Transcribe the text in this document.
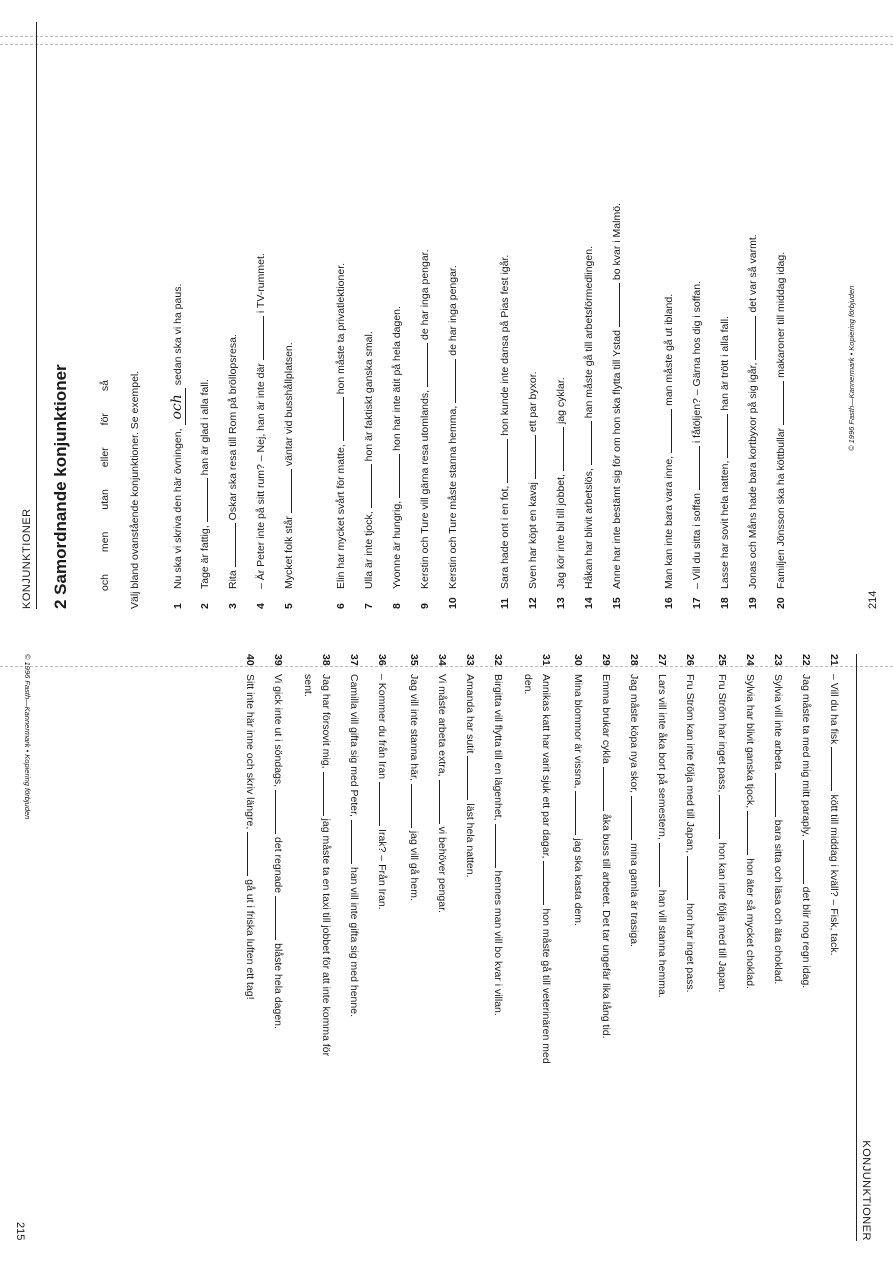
KONJUNKTIONER 2 Samordnande konjunktioner	ochmenutanellerförså Välj bland ovanstående konjunktioner. Se exempel.	1Nu ska vi skriva den här övningen,ochsedan ska vi ha paus.
2Tage är fattig,han är glad i alla fall.
3RitaOskar ska resa till Rom på bröllopsresa.
4– Är Peter inte på sitt rum? – Nej, han är inte däri TV-rummet.
5Mycket folk stårväntar vid busshållplatsen.
6Elin har mycket svårt för matte,hon måste ta privatlektioner.
7Ulla är inte tjock,hon är faktiskt ganska smal.
8Yvonne är hungrig,hon har inte ätit på hela dagen.
9Kerstin och Ture vill gärna resa utomlands,de har inga pengar.
10Kerstin och Ture måste stanna hemma,de har inga pengar.
11Sara hade ont i en fot,hon kunde inte dansa på Pias fest igår.
12Sven har köpt en kavajett par byxor.
13Jag kör inte bil till jobbet,jag cyklar.
14Håkan har blivit arbetslös,han måste gå till arbetsförmedlingen.
15Anne har inte bestämt sig för om hon ska flytta till Ystadbo kvar i Malmö.
16Man kan inte bara vara inne,man måste gå ut ibland.
17– Vill du sitta i soffani fåtöljen? – Gärna hos dig i soffan.
18Lasse har sovit hela natten,han är trött i alla fall.
19Jonas och Måns hade bara kortbyxor på sig igår,det var så varmt.
20Familjen Jönsson ska ha köttbullarmakaroner till middag idag.	© 1996 Fasth—Kannermark • Kopiering förbjuden
214
KONJUNKTIONER
21– Vill du ha fiskkött till middag i kväll? – Fisk, tack.
22Jag måste ta med mig mitt paraply,det blir nog regn idag.
23Sylvia vill inte arbetabara sitta och läsa och äta choklad.
24Sylvia har blivit ganska tjock,hon äter så mycket choklad.
25Fru Ström har inget pass,hon kan inte följa med till Japan.
26Fru Ström kan inte följa med till Japan,hon har inget pass.
27Lars vill inte åka bort på semestern,han vill stanna hemma.
28Jag måste köpa nya skor,mina gamla är trasiga.
29Emma brukar cyklaåka buss till arbetet. Det tar ungefär lika lång tid.
30Mina blommor är vissna,jag ska kasta dem.
31Annikas katt har varit sjuk ett par dagar,hon måste gå till veterinären med
den.
32Birgitta vill flytta till en lägenhet,hennes man vill bo kvar i villan.
33Amanda har sutitläst hela natten.
34Vi måste arbeta extra,vi behöver pengar.
35Jag vill inte stanna här,jag vill gå hem.
36– Kommer du från IranIrak? – Från Iran.
37Camilla vill gifta sig med Peter,han vill inte gifta sig med henne.
38Jag har försovit mig,jag måste ta en taxi till jobbet för att inte komma för
sent.
39Vi gick inte ut i söndags,det regnadeblåste hela dagen.
40Sitt inte här inne och skriv längre,gå ut i friska luften ett tag!
© 1996 Fasth—Kannermark • Kopiering förbjuden
215
